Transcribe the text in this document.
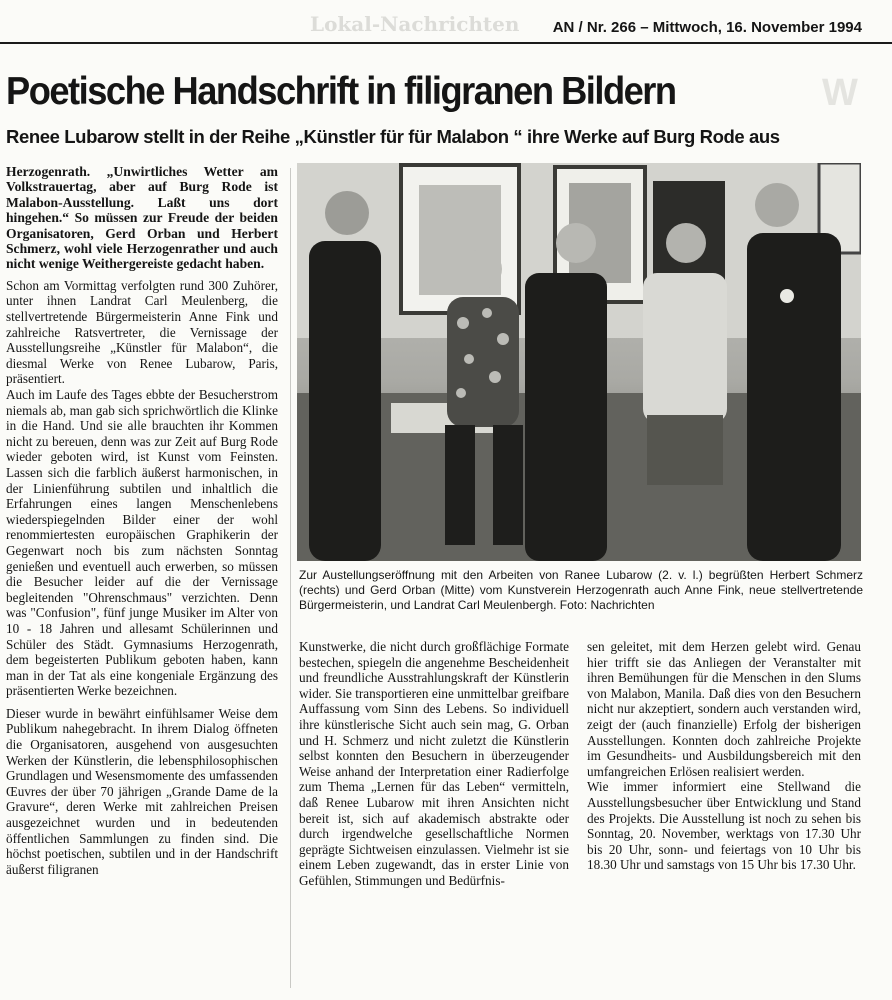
Lokal-Nachrichten
W
AN / Nr. 266 – Mittwoch, 16. November 1994
Poetische Handschrift in filigranen Bildern
Renee Lubarow stellt in der Reihe „Künstler für für Malabon “ ihre Werke auf Burg Rode aus

Herzogenrath. „Unwirtliches Wetter am Volkstrauertag, aber auf Burg Rode ist Malabon-Ausstellung. Laßt uns dort hingehen.“ So müssen zur Freude der beiden Organisatoren, Gerd Orban und Herbert Schmerz, wohl viele Herzogenrather und auch nicht wenige Weithergereiste gedacht haben.

Schon am Vormittag verfolgten rund 300 Zuhörer, unter ihnen Landrat Carl Meulenberg, die stellvertretende Bürgermeisterin Anne Fink und zahlreiche Ratsvertreter, die Vernissage der Ausstellungsreihe „Künstler für Malabon“, die diesmal Werke von Renee Lubarow, Paris, präsentiert.

Auch im Laufe des Tages ebbte der Besucherstrom niemals ab, man gab sich sprichwörtlich die Klinke in die Hand. Und sie alle brauchten ihr Kommen nicht zu bereuen, denn was zur Zeit auf Burg Rode wieder geboten wird, ist Kunst vom Feinsten. Lassen sich die farblich äußerst harmonischen, in der Linienführung subtilen und inhaltlich die Erfahrungen eines langen Menschenlebens wiederspiegelnden Bilder einer der wohl renommiertesten europäischen Graphikerin der Gegenwart noch bis zum nächsten Sonntag genießen und eventuell auch erwerben, so müssen die Besucher leider auf die der Vernissage begleitenden "Ohrenschmaus" verzichten. Denn was "Confusion", fünf junge Musiker im Alter von 10 - 18 Jahren und allesamt Schülerinnen und Schüler des Städt. Gymnasiums Herzogenrath, dem begeisterten Publikum geboten haben, kann man in der Tat als eine kongeniale Ergänzung des präsentierten Werke bezeichnen.

Dieser wurde in bewährt einfühlsamer Weise dem Publikum nahegebracht. In ihrem Dialog öffneten die Organisatoren, ausgehend von ausgesuchten Werken der Künstlerin, die lebensphilosophischen Grundlagen und Wesensmomente des umfassenden Œuvres der über 70 jährigen „Grande Dame de la Gravure“, deren Werke mit zahlreichen Preisen ausgezeichnet wurden und in bedeutenden öffentlichen Sammlungen zu finden sind. Die höchst poetischen, subtilen und in der Handschrift äußerst filigranen

Zur Austellungseröffnung mit den Arbeiten von Ranee Lubarow (2. v. l.) begrüßten Herbert Schmerz (rechts) und Gerd Orban (Mitte) vom Kunstverein Herzogenrath auch Anne Fink, neue stellvertretende Bürgermeisterin, und Landrat Carl Meulenbergh. Foto: Nachrichten

Kunstwerke, die nicht durch großflächige Formate bestechen, spiegeln die angenehme Bescheidenheit und freundliche Ausstrahlungskraft der Künstlerin wider. Sie transportieren eine unmittelbar greifbare Auffassung vom Sinn des Lebens. So individuell ihre künstlerische Sicht auch sein mag, G. Orban und H. Schmerz und nicht zuletzt die Künstlerin selbst konnten den Besuchern in überzeugender Weise anhand der Interpretation einer Radierfolge zum Thema „Lernen für das Leben“ vermitteln, daß Renee Lubarow mit ihren Ansichten nicht bereit ist, sich auf akademisch abstrakte oder durch irgendwelche gesellschaftliche Normen geprägte Sichtweisen einzulassen. Vielmehr ist sie einem Leben zugewandt, das in erster Linie von Gefühlen, Stimmungen und Bedürfnis-

sen geleitet, mit dem Herzen gelebt wird. Genau hier trifft sie das Anliegen der Veranstalter mit ihren Bemühungen für die Menschen in den Slums von Malabon, Manila. Daß dies von den Besuchern nicht nur akzeptiert, sondern auch verstanden wird, zeigt der (auch finanzielle) Erfolg der bisherigen Ausstellungen. Konnten doch zahlreiche Projekte im Gesundheits- und Ausbildungsbereich mit den umfangreichen Erlösen realisiert werden.

Wie immer informiert eine Stellwand die Ausstellungsbesucher über Entwicklung und Stand des Projekts. Die Ausstellung ist noch zu sehen bis Sonntag, 20. November, werktags von 17.30 Uhr bis 20 Uhr, sonn- und feiertags von 10 Uhr bis 18.30 Uhr und samstags von 15 Uhr bis 17.30 Uhr.
